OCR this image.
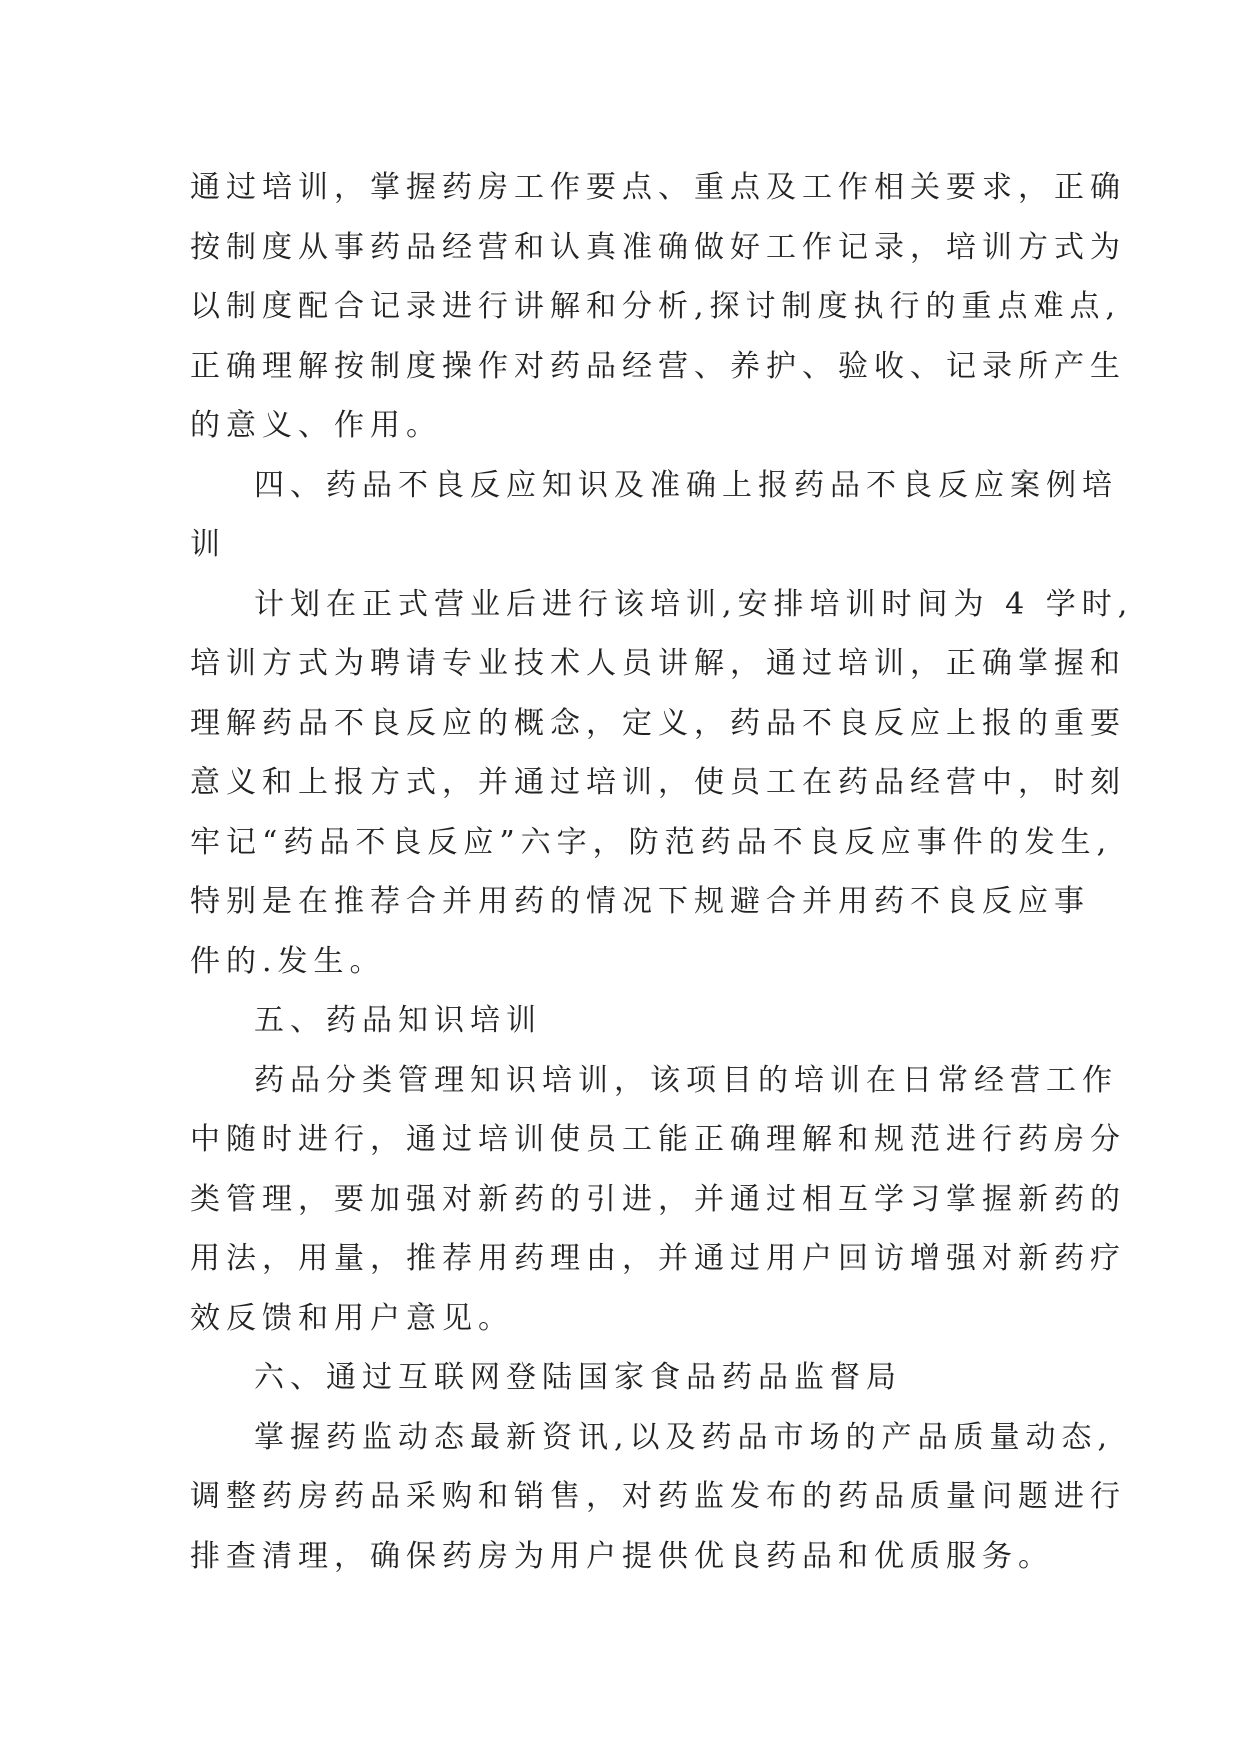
通过培训，掌握药房工作要点、重点及工作相关要求，正确
按制度从事药品经营和认真准确做好工作记录，培训方式为
以制度配合记录进行讲解和分析,探讨制度执行的重点难点,
正确理解按制度操作对药品经营、养护、验收、记录所产生
的意义、作用。
四、药品不良反应知识及准确上报药品不良反应案例培
训
计划在正式营业后进行该培训,安排培训时间为 4 学时,
培训方式为聘请专业技术人员讲解，通过培训，正确掌握和
理解药品不良反应的概念，定义，药品不良反应上报的重要
意义和上报方式，并通过培训，使员工在药品经营中，时刻
牢记“药品不良反应”六字，防范药品不良反应事件的发生,
特别是在推荐合并用药的情况下规避合并用药不良反应事
件的.发生。
五、药品知识培训
药品分类管理知识培训，该项目的培训在日常经营工作
中随时进行，通过培训使员工能正确理解和规范进行药房分
类管理，要加强对新药的引进，并通过相互学习掌握新药的
用法，用量，推荐用药理由，并通过用户回访增强对新药疗
效反馈和用户意见。
六、通过互联网登陆国家食品药品监督局
掌握药监动态最新资讯,以及药品市场的产品质量动态,
调整药房药品采购和销售，对药监发布的药品质量问题进行
排查清理，确保药房为用户提供优良药品和优质服务。
